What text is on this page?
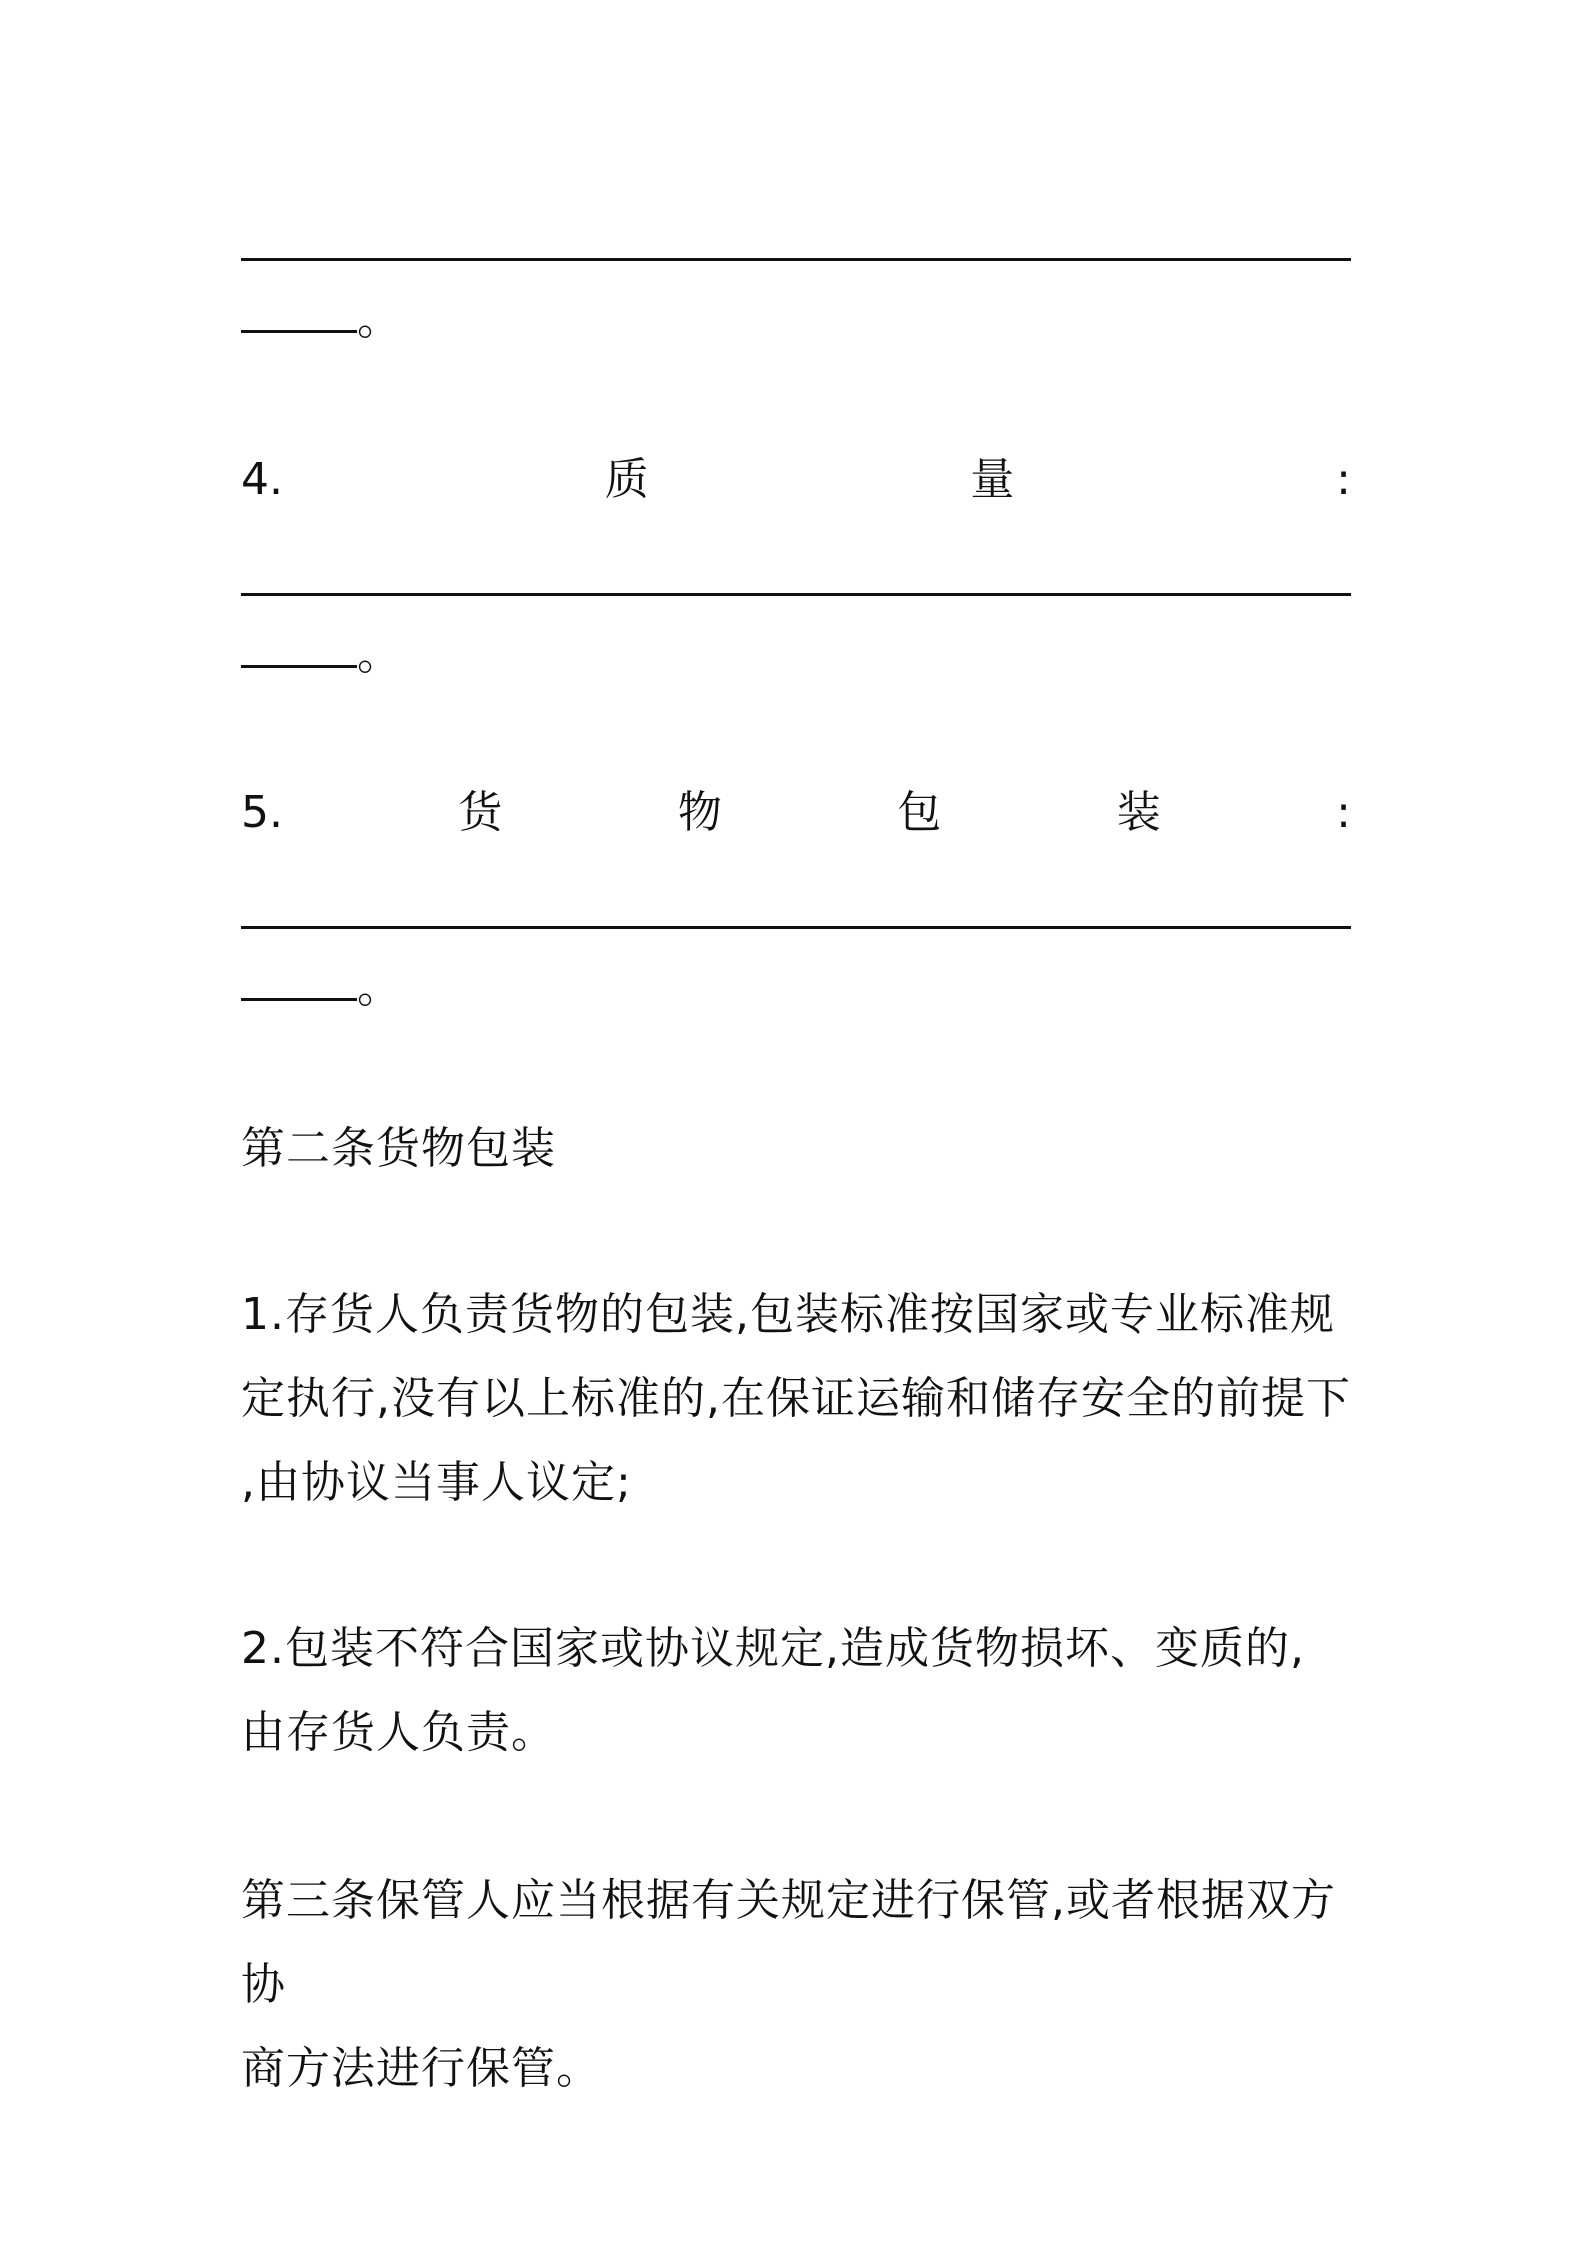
。
4.	质	量	:
。
5.	货	物	包	装	:
。
第二条货物包装

1.存货人负责货物的包装,包装标准按国家或专业标准规

定执行,没有以上标准的,在保证运输和储存安全的前提下

,由协议当事人议定;

2.包装不符合国家或协议规定,造成货物损坏、变质的,

由存货人负责。

第三条保管人应当根据有关规定进行保管,或者根据双方协

商方法进行保管。
